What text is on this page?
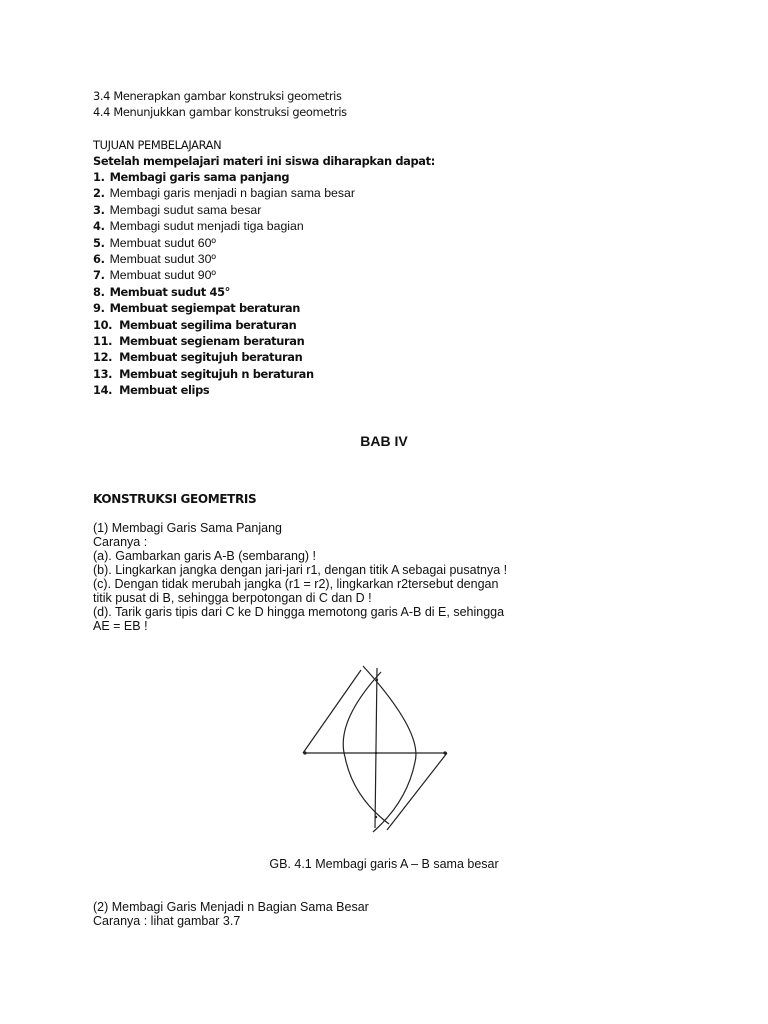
3.4 Menerapkan gambar konstruksi geometris
4.4 Menunjukkan gambar konstruksi geometris
TUJUAN PEMBELAJARAN
Setelah mempelajari materi ini siswa diharapkan dapat:
1. Membagi garis sama panjang
2. Membagi garis menjadi n bagian sama besar
3. Membagi sudut sama besar
4. Membagi sudut menjadi tiga bagian
5. Membuat sudut 60º
6. Membuat sudut 30º
7. Membuat sudut 90º
8. Membuat sudut 45°
9. Membuat segiempat beraturan
10. Membuat segilima beraturan
11. Membuat segienam beraturan
12. Membuat segitujuh beraturan
13. Membuat segitujuh n beraturan
14. Membuat elips
BAB IV
KONSTRUKSI GEOMETRIS
(1) Membagi Garis Sama Panjang
Caranya :
(a). Gambarkan garis A-B (sembarang) !
(b). Lingkarkan jangka dengan jari-jari r1, dengan titik A sebagai pusatnya !
(c). Dengan tidak merubah jangka (r1 = r2), lingkarkan r2tersebut dengan
titik pusat di B, sehingga berpotongan di C dan D !
(d). Tarik garis tipis dari C ke D hingga memotong garis A-B di E, sehingga
AE = EB !
GB. 4.1 Membagi garis A – B sama besar
(2) Membagi Garis Menjadi n Bagian Sama Besar
Caranya : lihat gambar 3.7
